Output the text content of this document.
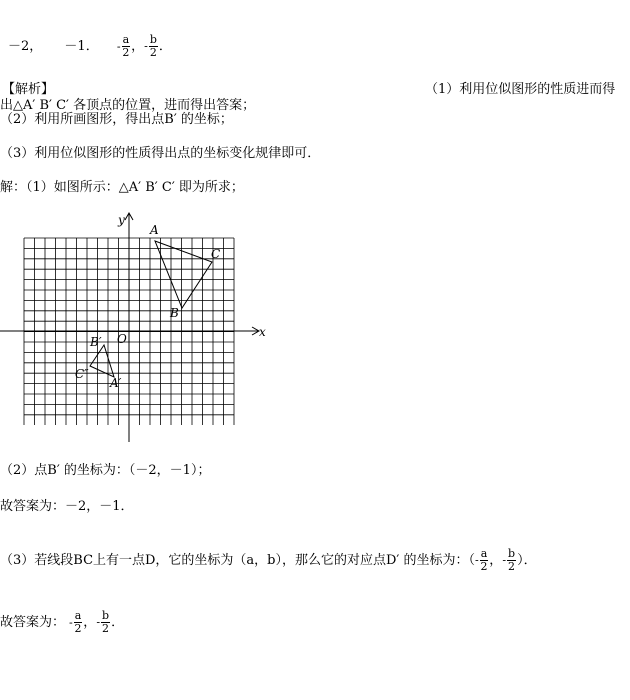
－2， －1． - $\frac{a}{2}$ ，- $\frac{b}{2}$ ．
【解析】	（1）利用位似图形的性质进而得
出△A′ B′ C′ 各顶点的位置，进而得出答案；
（2）利用所画图形，得出点B′ 的坐标；
（3）利用位似图形的性质得出点的坐标变化规律即可．
解：（1）如图所示：△A′ B′ C′ 即为所求；
x
y
O
A
C
B
B′
C″
A′
（2）点B′ 的坐标为：（－2，－1）；
故答案为：－2，－1．
（3）若线段BC上有一点D，它的坐标为（a，b），那么它的对应点D′ 的坐标为：（- $\frac{a}{2}$ ，- $\frac{b}{2}$ ）．
故答案为： - $\frac{a}{2}$ ，- $\frac{b}{2}$ ．
